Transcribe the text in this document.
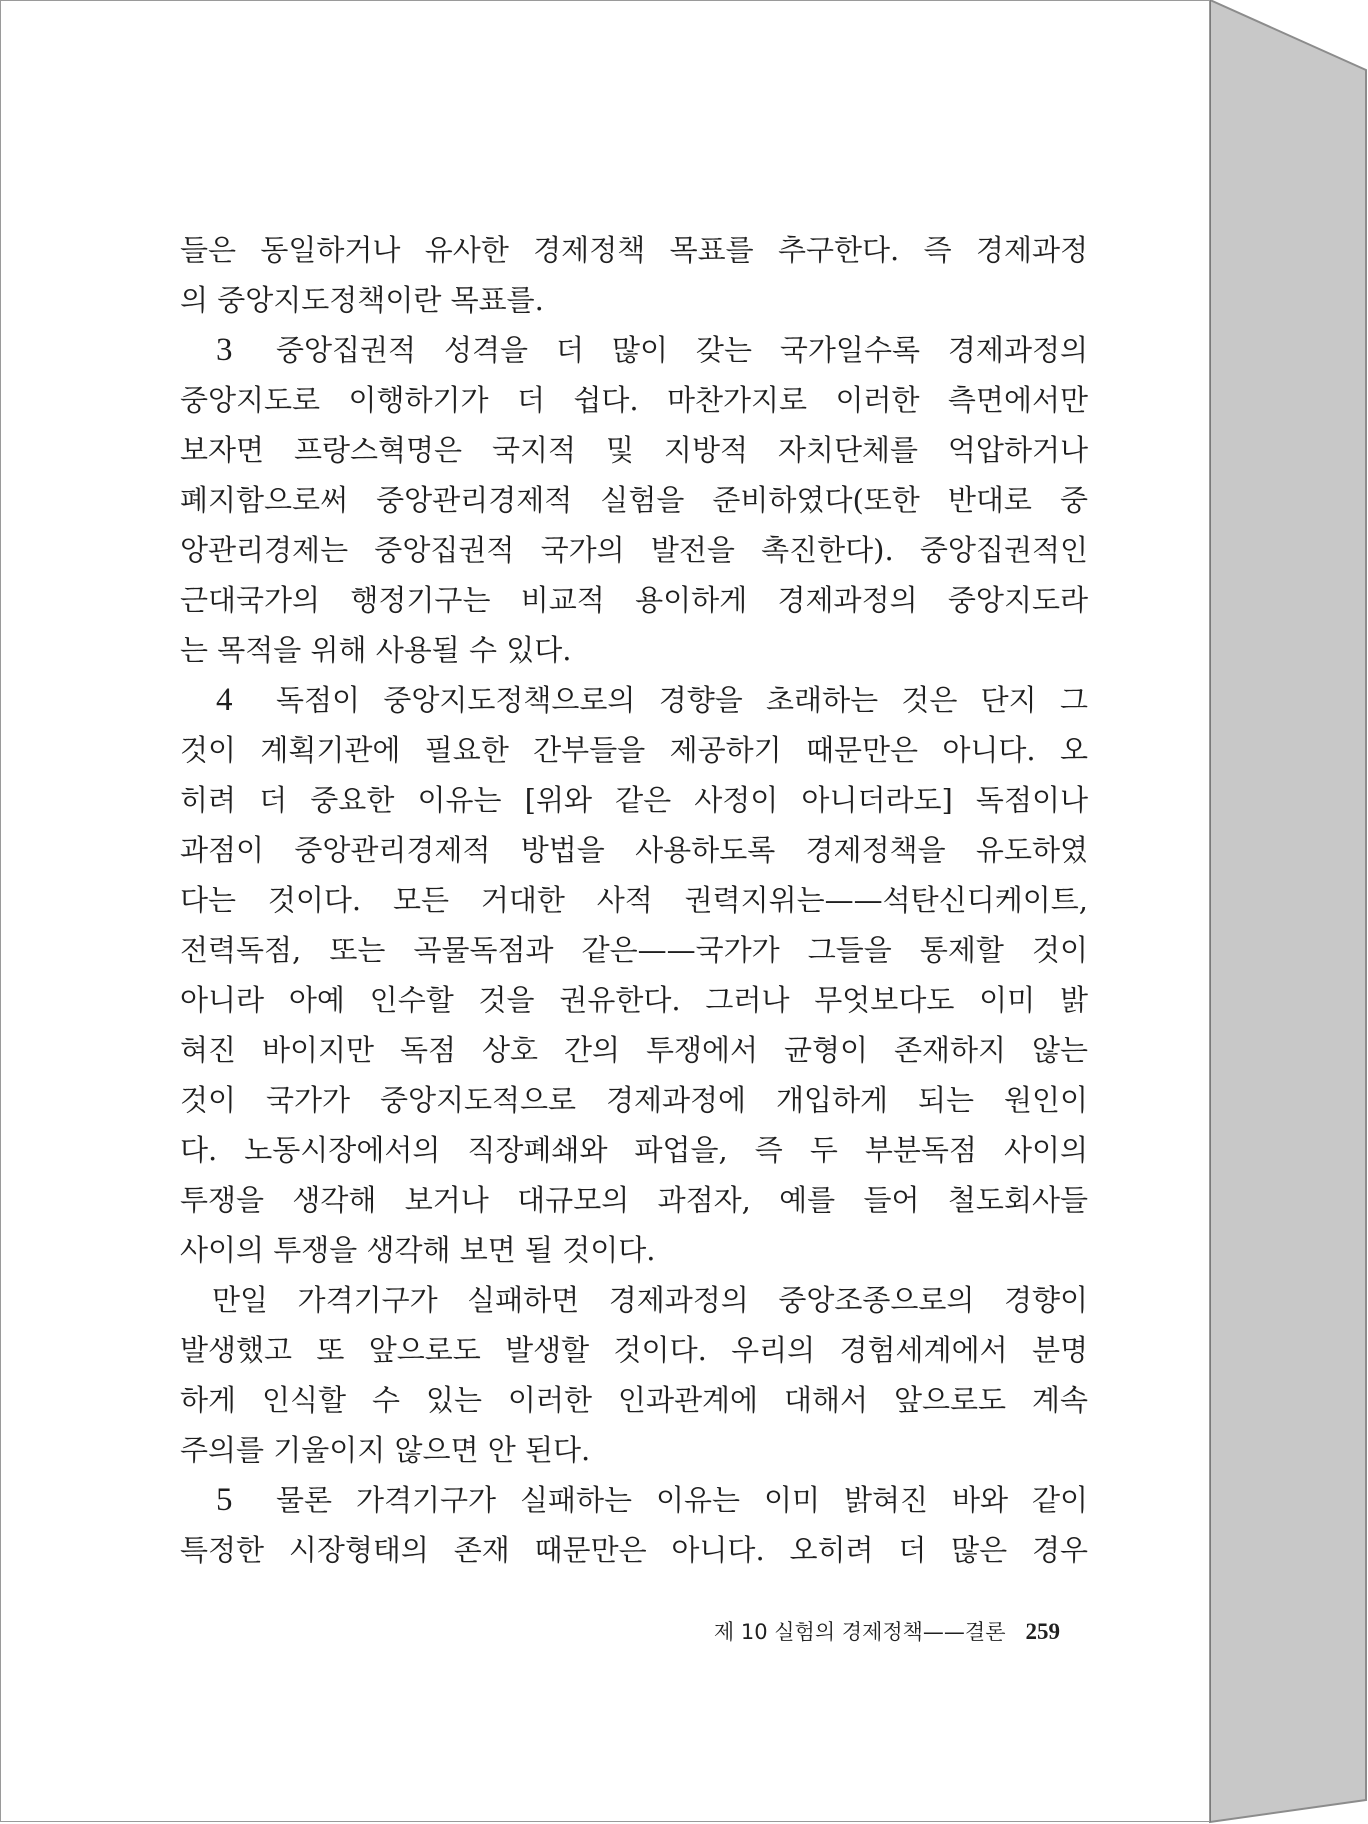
들은 동일하거나 유사한 경제정책 목표를 추구한다. 즉 경제과정
의 중앙지도정책이란 목표를.
3 중앙집권적 성격을 더 많이 갖는 국가일수록 경제과정의
중앙지도로 이행하기가 더 쉽다. 마찬가지로 이러한 측면에서만
보자면 프랑스혁명은 국지적 및 지방적 자치단체를 억압하거나
폐지함으로써 중앙관리경제적 실험을 준비하였다(또한 반대로 중
앙관리경제는 중앙집권적 국가의 발전을 촉진한다). 중앙집권적인
근대국가의 행정기구는 비교적 용이하게 경제과정의 중앙지도라
는 목적을 위해 사용될 수 있다.
4 독점이 중앙지도정책으로의 경향을 초래하는 것은 단지 그
것이 계획기관에 필요한 간부들을 제공하기 때문만은 아니다. 오
히려 더 중요한 이유는 [위와 같은 사정이 아니더라도] 독점이나
과점이 중앙관리경제적 방법을 사용하도록 경제정책을 유도하였
다는 것이다. 모든 거대한 사적 권력지위는——석탄신디케이트,
전력독점, 또는 곡물독점과 같은——국가가 그들을 통제할 것이
아니라 아예 인수할 것을 권유한다. 그러나 무엇보다도 이미 밝
혀진 바이지만 독점 상호 간의 투쟁에서 균형이 존재하지 않는
것이 국가가 중앙지도적으로 경제과정에 개입하게 되는 원인이
다. 노동시장에서의 직장폐쇄와 파업을, 즉 두 부분독점 사이의
투쟁을 생각해 보거나 대규모의 과점자, 예를 들어 철도회사들
사이의 투쟁을 생각해 보면 될 것이다.
만일 가격기구가 실패하면 경제과정의 중앙조종으로의 경향이
발생했고 또 앞으로도 발생할 것이다. 우리의 경험세계에서 분명
하게 인식할 수 있는 이러한 인과관계에 대해서 앞으로도 계속
주의를 기울이지 않으면 안 된다.
5 물론 가격기구가 실패하는 이유는 이미 밝혀진 바와 같이
특정한 시장형태의 존재 때문만은 아니다. 오히려 더 많은 경우
제 10 실험의 경제정책——결론 259
